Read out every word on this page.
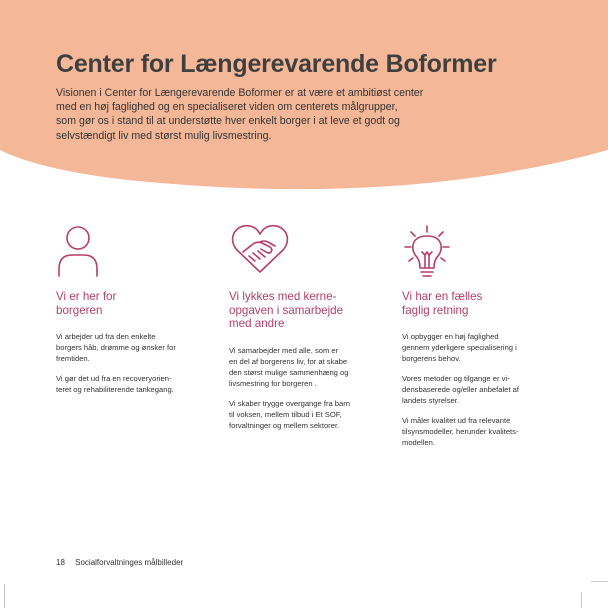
Center for Længerevarende Boformer

Visionen i Center for Længerevarende Boformer er at være et ambitiøst center
med en høj faglighed og en specialiseret viden om centerets målgrupper,
som gør os i stand til at understøtte hver enkelt borger i at leve et godt og
selvstændigt liv med størst mulig livsmestring.

Vi er her for
borgeren

Vi arbejder ud fra den enkelte
borgers håb, drømme og ønsker for
fremtiden.

Vi gør det ud fra en recoveryorien-
teret og rehabiliterende tankegang.

Vi lykkes med kerne-
opgaven i samarbejde
med andre

Vi samarbejder med alle, som er
en del af borgerens liv, for at skabe
den størst mulige sammenhæng og
livsmestring for borgeren .

Vi skaber trygge overgange fra barn
til voksen, mellem tilbud i Et SOF,
forvaltninger og mellem sektorer.

Vi har en fælles
faglig retning

Vi opbygger en høj faglighed
gennem yderligere specialisering i
borgerens behov.

Vores metoder og tilgange er vi-
densbaserede og/eller anbefalet af
landets styrelser.

Vi måler kvalitet ud fra relevante
tilsynsmodeller, herunder kvalitets-
modellen.

18 Socialforvaltninges målbilleder
